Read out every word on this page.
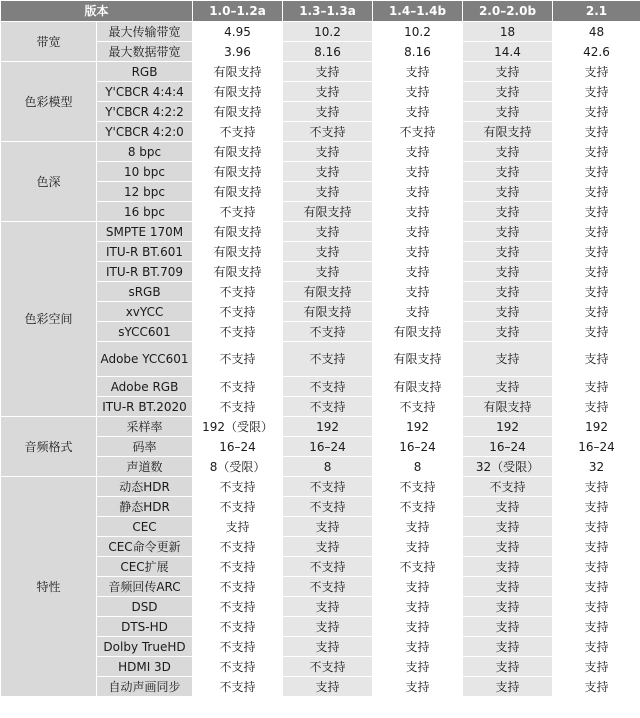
版本		1.0–1.2a	1.3–1.3a	1.4–1.4b	2.0–2.0b	2.1
带宽	最大传输带宽	4.95	10.2	10.2	18	48
	最大数据带宽	3.96	8.16	8.16	14.4	42.6
色彩模型	RGB	有限支持	支持	支持	支持	支持
	Y'CBCR 4:4:4	有限支持	支持	支持	支持	支持
	Y'CBCR 4:2:2	有限支持	支持	支持	支持	支持
	Y'CBCR 4:2:0	不支持	不支持	不支持	有限支持	支持
色深	8 bpc	有限支持	支持	支持	支持	支持
	10 bpc	有限支持	支持	支持	支持	支持
	12 bpc	有限支持	支持	支持	支持	支持
	16 bpc	不支持	有限支持	支持	支持	支持
色彩空间	SMPTE 170M	有限支持	支持	支持	支持	支持
	ITU-R BT.601	有限支持	支持	支持	支持	支持
	ITU-R BT.709	有限支持	支持	支持	支持	支持
	sRGB	不支持	有限支持	支持	支持	支持
	xvYCC	不支持	有限支持	支持	支持	支持
	sYCC601	不支持	不支持	有限支持	支持	支持
	Adobe YCC601	不支持	不支持	有限支持	支持	支持
	Adobe RGB	不支持	不支持	有限支持	支持	支持
	ITU-R BT.2020	不支持	不支持	不支持	有限支持	支持
音频格式	采样率	192（受限）	192	192	192	192
	码率	16–24	16–24	16–24	16–24	16–24
	声道数	8（受限）	8	8	32（受限）	32
特性	动态HDR	不支持	不支持	不支持	不支持	支持
	静态HDR	不支持	不支持	不支持	支持	支持
	CEC	支持	支持	支持	支持	支持
	CEC命令更新	不支持	支持	支持	支持	支持
	CEC扩展	不支持	不支持	不支持	支持	支持
	音频回传ARC	不支持	不支持	支持	支持	支持
	DSD	不支持	支持	支持	支持	支持
	DTS-HD	不支持	支持	支持	支持	支持
	Dolby TrueHD	不支持	支持	支持	支持	支持
	HDMI 3D	不支持	不支持	支持	支持	支持
	自动声画同步	不支持	支持	支持	支持	支持
